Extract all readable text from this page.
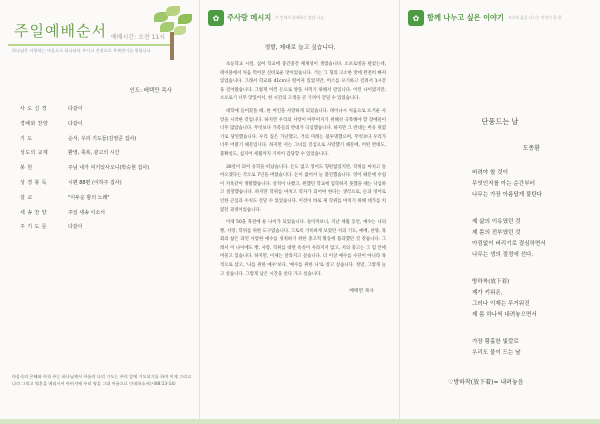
주일예배순서 예배시간: 오전 11시
하나님은 사랑하는 마음으로 하나되어 주시고 진정으로 축복받기를 원합니다
인도: 배택만 목사
사 도 신 경	다같이
경배와 찬양	다같이
기 도	순서, 우리 기도들(김영준 집사)
성도의 교제	환영, 축복, 광고의 시간
봉 헌	주님 내가 여기있사오니(박승현 집사)
성 경 봉 독	시편 88편 (이하주 집사)
설 교	"이두운 밤의 노래"
새 송 찬 양	주일 새송 이소서
주 기 도 문	다같이
마음속의 은혜와 아직 주는 하나님께서 아름의 나의 기도는 주의 앞에 기도되기를 하며 이제 그리고 나의 그리고 영혼을 메리시어 아버지에 우리 영을 그대 아름으로 인데하소서(시88:13-14)
✿	주사랑 메시지 주 안에서 함께하는 말씀 나눔
정발, 제대로 늘고 싶습니다.

초등학교 시절, 십여 학교에 중간중간 체제성이 생겼습니다. 소포로벙을 팔았는데, 테이블에서 처음 먹어본 신비로운 맛이었습니다. 거는 그 형의 고소한 맛에 완전히 빠져 있었습니다. 그래서 학교와 41cm나 떨어져 있었지만, 버스를 포기하고 걸려서 1시간을 걸어왔습니다. 그렇게 아낀 돈으로 방을 사먹기 위해서 말입니다. 어린 나이였지만, 소포로기 너무 맛있어서, 한 시간의 고생을 큰 기꺼이 견딜 수 있었습니다.

대학에 들어갔을 때, 한 여인을 사랑하게 되었습니다. 테이나시 처음으로 뜨거운 사랑을 시작한 것입니다. 하지만 우리의 사랑이 아무어지기 위해선 극복해야 할 장애물이 너무 많았습니다. 무엇보다 가족들의 반대가 극심했습니다. 하지만 그 반대는 버유 위였기로 당연했습니다. 우리 집은 가난했고, 거의 미래는 불투명했으며, 무엇보다 우리가 너무 어렸기 때문입니다. 하지만 저는 그녀를 진심으로 사랑했기 때문에, 어떤 반대도, 불확실도, 십지어 세월까지 기꺼이 감당할 수 있었습니다.

30살이 되어 유학을 떠났습니다. 돈도 없고 영어도 형편없었지만, 학위를 마치고 돌아오겠다는 각오로 7년을 버텼습니다. 돈이 없어서 늘 불안했습니다. 영어 때문에 수업이 지옥같이 생활했습니다. 성적이 나빴고, 원했던 학교에 입학하지 못했을 때는 낙심하고 절망했습니다. 하지만 학위를 마치고 학자가 되어야 한다는 생각으로, 돈과 영어로 인한 곤심과 수치도 견딜 수 있었습니다. 이것이 바로 제 학위를 마치기 위해 대가를 치렀던 과정이었습니다.

이제 50을 목전에 둔 나이가 되었습니다. 돌이켜보니, 지난 세월 동안, 예수는 나의 빵, 사랑, 학위를 위한 도구였습니다. 그토록 거룩하게 보였던 저의 기도, 예배, 찬양, 목회의 삶은 과연 사랑한 예수를 성취하기 위한 충고적 활동에 불과했던 것 같습니다. 그래서 이 나이에도 빵, 사랑, 학위를 대면 옥실이 사라지지 않고, 저의 충고는 그 힘 안에 머물고 있습니다. 하지만, 이제는 달라지고 싶습니다. 더 이상 예수를 수단이 아니라 목적으로 삼고, '나를 위한 예수'보다, '예수를 위한 나'로 살고 싶습니다. 정말, 그렇게 늘고 싶습니다. 그렇게 남은 시간을 살다 가고 싶습니다.

배택만 목사
✿	함께 나누고 싶은 이야기 서로의 삶을 나누는 이야기 한 편
단풍드는 날
도종환
버려야 할 것이
무엇인지를 아는 순간부터
나무는 가장 아름답게 불탄다
제 삶의 이유였던 것
제 몸의 전부였던 것
아낌없이 버리기로 결심하면서
나무는 생의 절정에 선다.
방하착(放下着)
제가 키워온,
그러나 이제는 무거워진
제 몸 하나씩 내려놓으면서
가장 황홀한 빛깔로
우리도 물이 드는 날
♡방하착(放下着)= 내려놓음
